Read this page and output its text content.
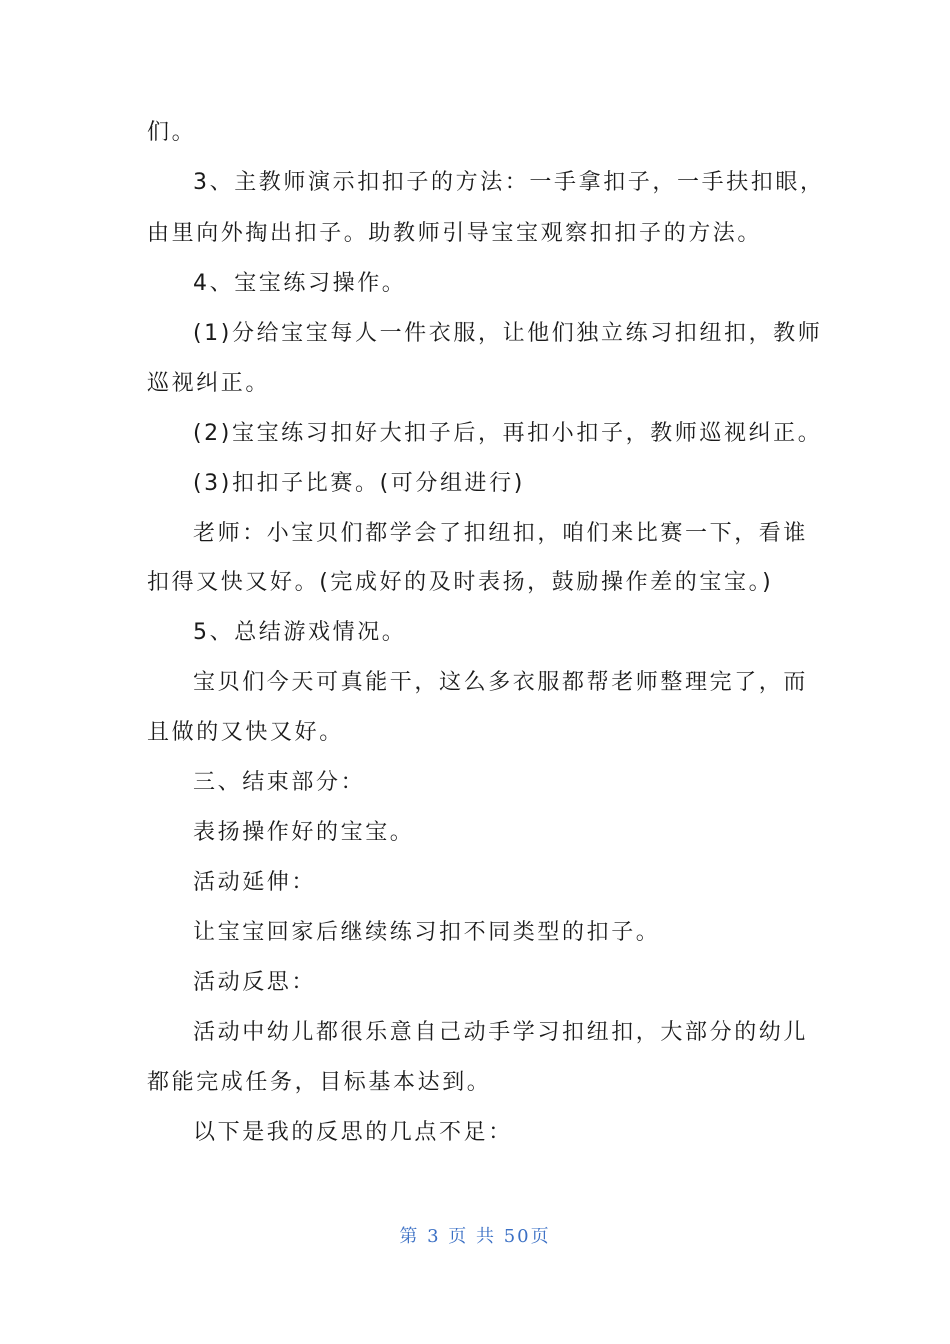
们。
3、主教师演示扣扣子的方法：一手拿扣子，一手扶扣眼，
由里向外掏出扣子。助教师引导宝宝观察扣扣子的方法。
4、宝宝练习操作。
(1)分给宝宝每人一件衣服，让他们独立练习扣纽扣，教师
巡视纠正。
(2)宝宝练习扣好大扣子后，再扣小扣子，教师巡视纠正。
(3)扣扣子比赛。(可分组进行)
老师：小宝贝们都学会了扣纽扣，咱们来比赛一下，看谁
扣得又快又好。(完成好的及时表扬，鼓励操作差的宝宝。)
5、总结游戏情况。
宝贝们今天可真能干，这么多衣服都帮老师整理完了，而
且做的又快又好。
三、结束部分：
表扬操作好的宝宝。
活动延伸：
让宝宝回家后继续练习扣不同类型的扣子。
活动反思：
活动中幼儿都很乐意自己动手学习扣纽扣，大部分的幼儿
都能完成任务，目标基本达到。
以下是我的反思的几点不足：
第 3 页 共 50页
